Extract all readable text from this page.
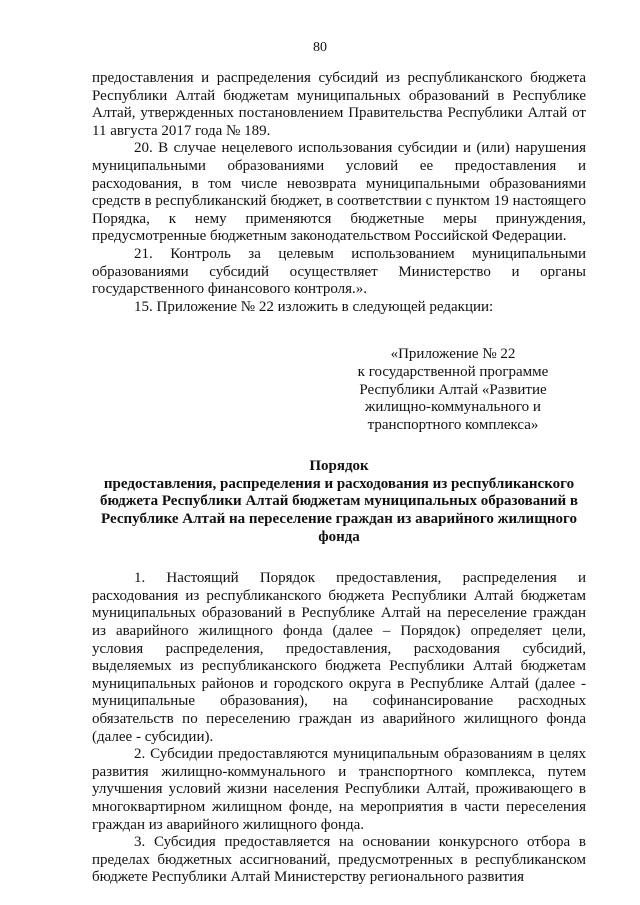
80

предоставления и распределения субсидий из республиканского бюджета Республики Алтай бюджетам муниципальных образований в Республике Алтай, утвержденных постановлением Правительства Республики Алтай от 11 августа 2017 года № 189.

20. В случае нецелевого использования субсидии и (или) нарушения муниципальными образованиями условий ее предоставления и расходования, в том числе невозврата муниципальными образованиями средств в республиканский бюджет, в соответствии с пунктом 19 настоящего Порядка, к нему применяются бюджетные меры принуждения, предусмотренные бюджетным законодательством Российской Федерации.

21. Контроль за целевым использованием муниципальными образованиями субсидий осуществляет Министерство и органы государственного финансового контроля.».

15. Приложение № 22 изложить в следующей редакции:

«Приложение № 22
к государственной программе
Республики Алтай «Развитие
жилищно-коммунального и
транспортного комплекса»
Порядок
предоставления, распределения и расходования из республиканского бюджета Республики Алтай бюджетам муниципальных образований в Республике Алтай на переселение граждан из аварийного жилищного фонда

1. Настоящий Порядок предоставления, распределения и расходования из республиканского бюджета Республики Алтай бюджетам муниципальных образований в Республике Алтай на переселение граждан из аварийного жилищного фонда (далее – Порядок) определяет цели, условия распределения, предоставления, расходования субсидий, выделяемых из республиканского бюджета Республики Алтай бюджетам муниципальных районов и городского округа в Республике Алтай (далее - муниципальные образования), на софинансирование расходных обязательств по переселению граждан из аварийного жилищного фонда (далее - субсидии).

2. Субсидии предоставляются муниципальным образованиям в целях развития жилищно-коммунального и транспортного комплекса, путем улучшения условий жизни населения Республики Алтай, проживающего в многоквартирном жилищном фонде, на мероприятия в части переселения граждан из аварийного жилищного фонда.

3. Субсидия предоставляется на основании конкурсного отбора в пределах бюджетных ассигнований, предусмотренных в республиканском бюджете Республики Алтай Министерству регионального развития
